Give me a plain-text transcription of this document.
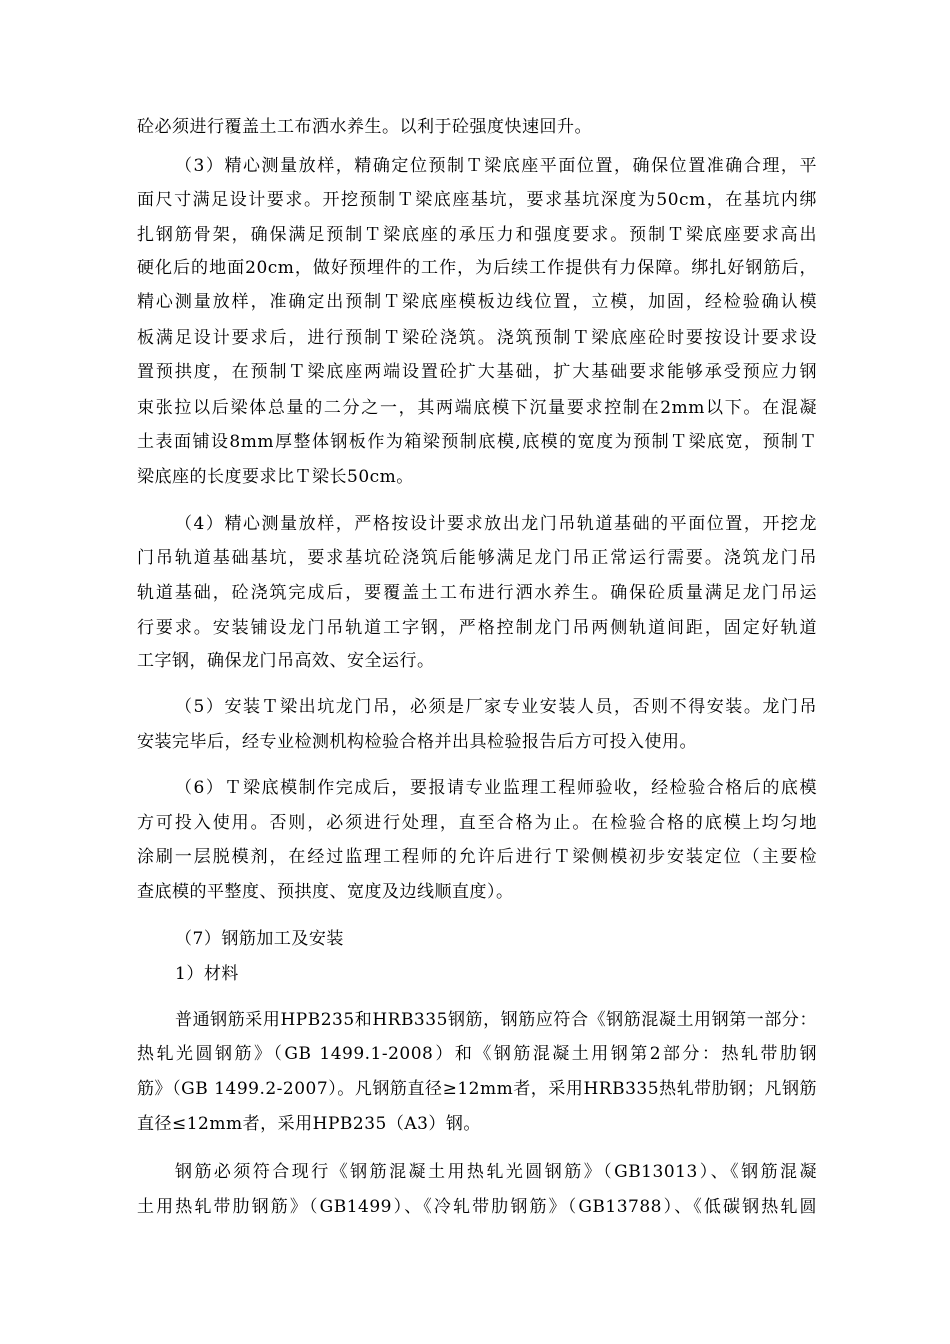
砼必须进行覆盖土工布洒水养生。以利于砼强度快速回升。

（3）精心测量放样，精确定位预制Ｔ梁底座平面位置，确保位置准确合理，平

面尺寸满足设计要求。开挖预制Ｔ梁底座基坑，要求基坑深度为50cm，在基坑内绑

扎钢筋骨架，确保满足预制Ｔ梁底座的承压力和强度要求。预制Ｔ梁底座要求高出

硬化后的地面20cm，做好预埋件的工作，为后续工作提供有力保障。绑扎好钢筋后，

精心测量放样，准确定出预制Ｔ梁底座模板边线位置，立模，加固，经检验确认模

板满足设计要求后，进行预制Ｔ梁砼浇筑。浇筑预制Ｔ梁底座砼时要按设计要求设

置预拱度，在预制Ｔ梁底座两端设置砼扩大基础，扩大基础要求能够承受预应力钢

束张拉以后梁体总量的二分之一，其两端底模下沉量要求控制在2mm以下。在混凝

土表面铺设8mm厚整体钢板作为箱梁预制底模,底模的宽度为预制Ｔ梁底宽，预制Ｔ

梁底座的长度要求比Ｔ梁长50cm。

（4）精心测量放样，严格按设计要求放出龙门吊轨道基础的平面位置，开挖龙

门吊轨道基础基坑，要求基坑砼浇筑后能够满足龙门吊正常运行需要。浇筑龙门吊

轨道基础，砼浇筑完成后，要覆盖土工布进行洒水养生。确保砼质量满足龙门吊运

行要求。安装铺设龙门吊轨道工字钢，严格控制龙门吊两侧轨道间距，固定好轨道

工字钢，确保龙门吊高效、安全运行。

（5）安装Ｔ梁出坑龙门吊，必须是厂家专业安装人员，否则不得安装。龙门吊

安装完毕后，经专业检测机构检验合格并出具检验报告后方可投入使用。

（6）Ｔ梁底模制作完成后，要报请专业监理工程师验收，经检验合格后的底模

方可投入使用。否则，必须进行处理，直至合格为止。在检验合格的底模上均匀地

涂刷一层脱模剂，在经过监理工程师的允许后进行Ｔ梁侧模初步安装定位（主要检

查底模的平整度、预拱度、宽度及边线顺直度）。

（7）钢筋加工及安装

1）材料

普通钢筋采用HPB235和HRB335钢筋，钢筋应符合《钢筋混凝土用钢第一部分：

热轧光圆钢筋》（GB 1499.1-2008）和《钢筋混凝土用钢第2部分：热轧带肋钢

筋》（GB 1499.2-2007）。凡钢筋直径≥12mm者，采用HRB335热轧带肋钢；凡钢筋

直径≤12mm者，采用HPB235（A3）钢。

钢筋必须符合现行《钢筋混凝土用热轧光圆钢筋》（GB13013）、《钢筋混凝

土用热轧带肋钢筋》（GB1499）、《冷轧带肋钢筋》（GB13788）、《低碳钢热轧圆
